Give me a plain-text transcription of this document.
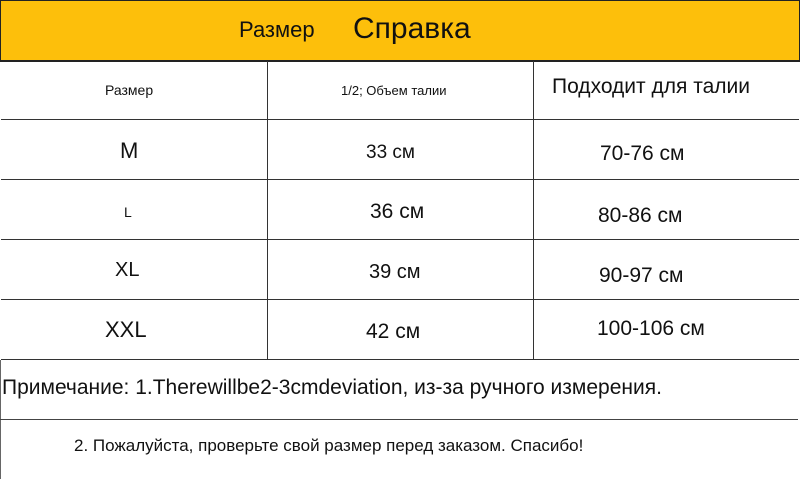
Размер Справка
Размер	1/2; Объем талии	Подходит для талии
M	33 см	70-76 см
L	36 см	80-86 см
XL	39 см	90-97 см
XXL	42 см	100-106 см
Примечание: 1.Therewillbe2-3cmdeviation, из-за ручного измерения.
2. Пожалуйста, проверьте свой размер перед заказом. Спасибо!
